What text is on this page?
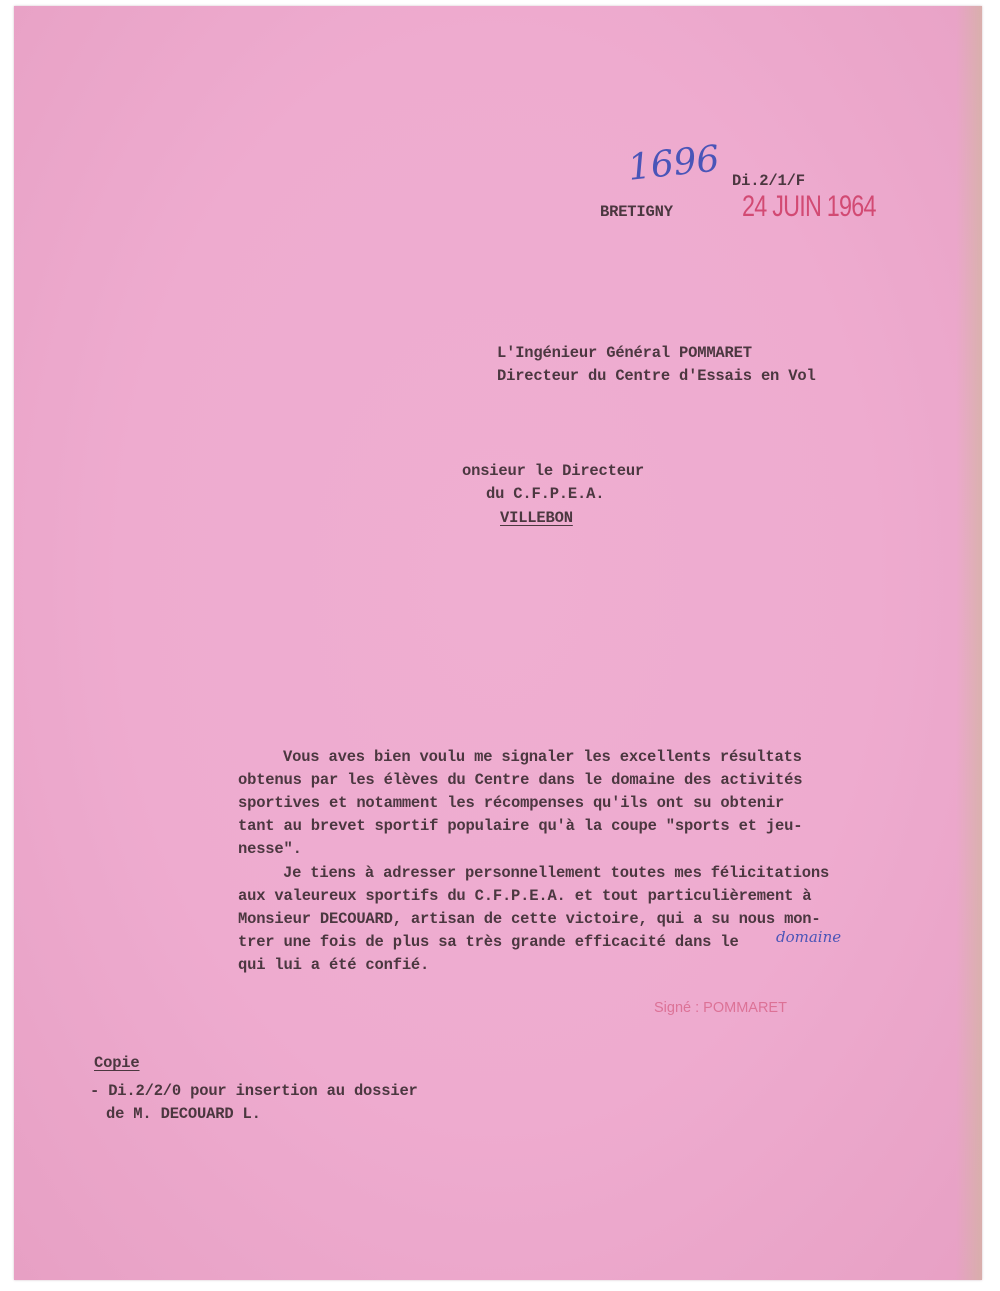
1696 Di.2/1/F
BRETIGNY 24 JUIN 1964
L'Ingénieur Général POMMARET
Directeur du Centre d'Essais en Vol
onsieur le Directeur
du C.F.P.E.A.
VILLEBON
Vous aves bien voulu me signaler les excellents résultats
obtenus par les élèves du Centre dans le domaine des activités
sportives et notamment les récompenses qu'ils ont su obtenir
tant au brevet sportif populaire qu'à la coupe "sports et jeu-
nesse".
Je tiens à adresser personnellement toutes mes félicitations
aux valeureux sportifs du C.F.P.E.A. et tout particulièrement à
Monsieur DECOUARD, artisan de cette victoire, qui a su nous mon-
trer une fois de plus sa très grande efficacité dans le domaine
qui lui a été confié.
Signé : POMMARET
Copie
- Di.2/2/0 pour insertion au dossier
de M. DECOUARD L.
